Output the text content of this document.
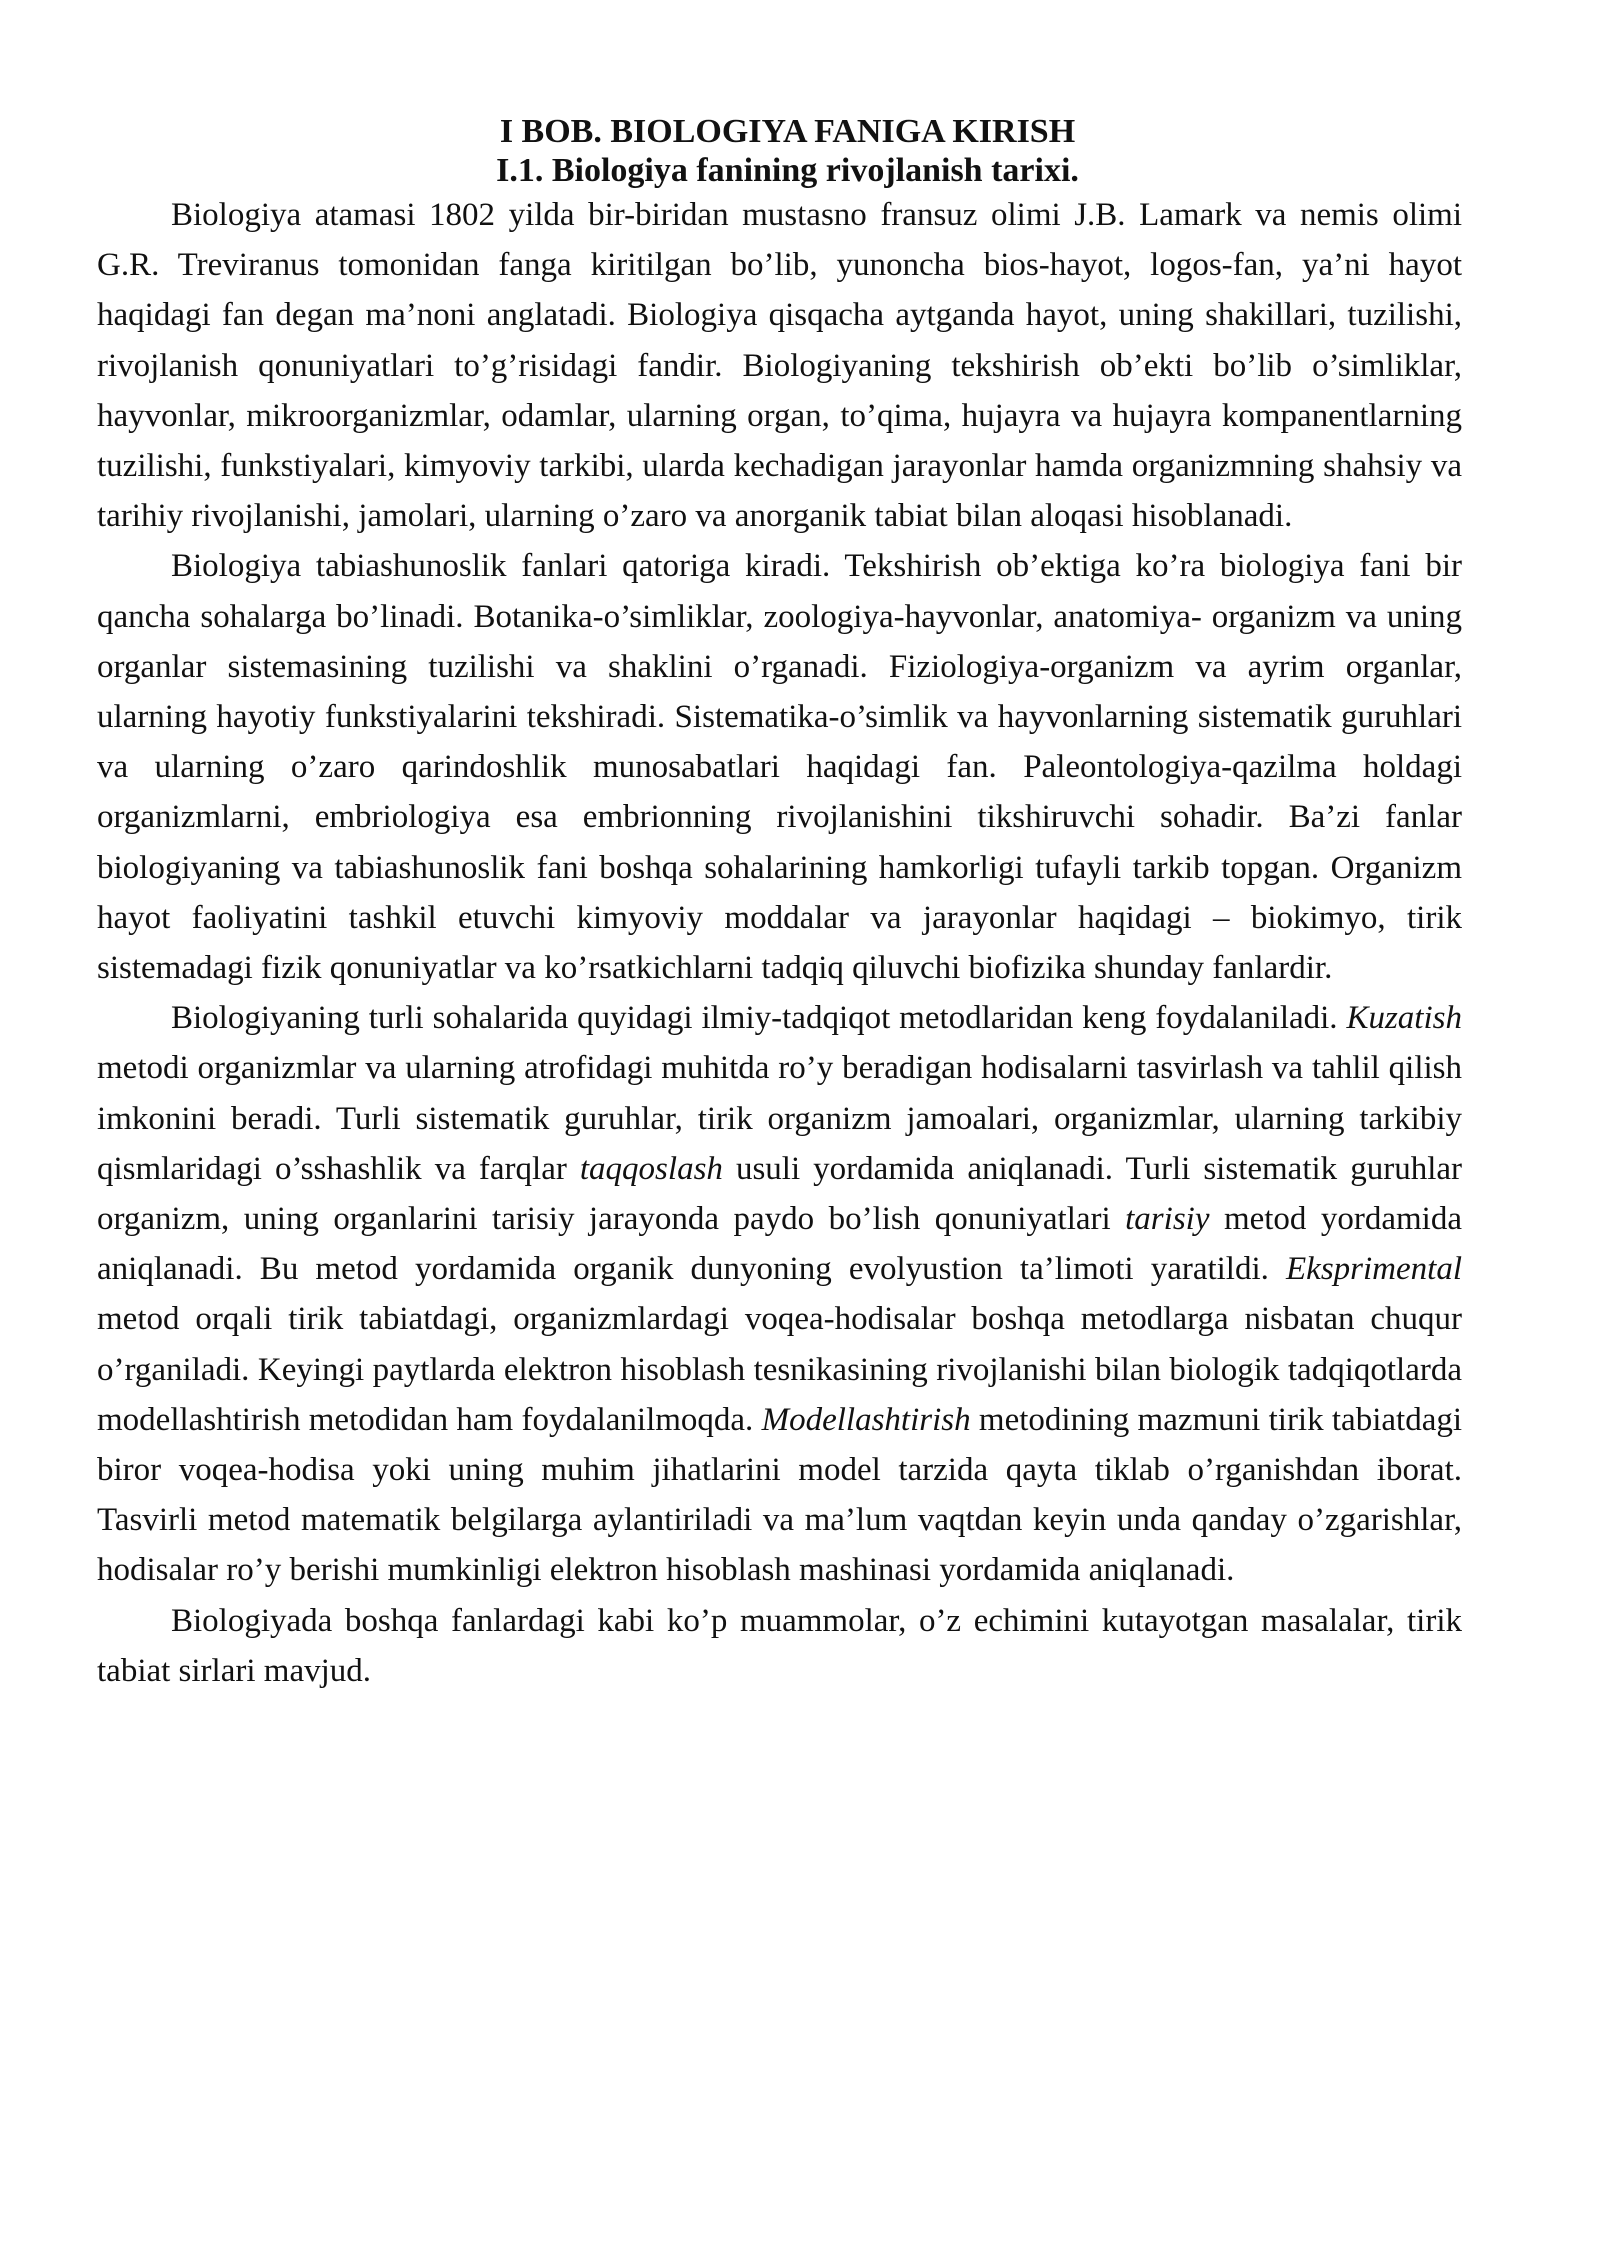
I BOB. BIOLOGIYA FANIGA KIRISH
I.1. Biologiya fanining rivojlanish tarixi.

Biologiya atamasi 1802 yilda bir-biridan mustasno fransuz olimi J.B. Lamark va nemis olimi G.R. Treviranus tomonidan fanga kiritilgan bo’lib, yunoncha bios-hayot, logos-fan, ya’ni hayot haqidagi fan degan ma’noni anglatadi. Biologiya qisqacha aytganda hayot, uning shakillari, tuzilishi, rivojlanish qonuniyatlari to’g’risidagi fandir. Biologiyaning tekshirish ob’ekti bo’lib o’simliklar, hayvonlar, mikroorganizmlar, odamlar, ularning organ, to’qima, hujayra va hujayra kompanentlarning tuzilishi, funkstiyalari, kimyoviy tarkibi, ularda kechadigan jarayonlar hamda organizmning shahsiy va tarihiy rivojlanishi, jamolari, ularning o’zaro va anorganik tabiat bilan aloqasi hisoblanadi.

Biologiya tabiashunoslik fanlari qatoriga kiradi. Tekshirish ob’ektiga ko’ra biologiya fani bir qancha sohalarga bo’linadi. Botanika-o’simliklar, zoologiya-hayvonlar, anatomiya- organizm va uning organlar sistemasining tuzilishi va shaklini o’rganadi. Fiziologiya-organizm va ayrim organlar, ularning hayotiy funkstiyalarini tekshiradi. Sistematika-o’simlik va hayvonlarning sistematik guruhlari va ularning o’zaro qarindoshlik munosabatlari haqidagi fan. Paleontologiya-qazilma holdagi organizmlarni, embriologiya esa embrionning rivojlanishini tikshiruvchi sohadir. Ba’zi fanlar biologiyaning va tabiashunoslik fani boshqa sohalarining hamkorligi tufayli tarkib topgan. Organizm hayot faoliyatini tashkil etuvchi kimyoviy moddalar va jarayonlar haqidagi – biokimyo, tirik sistemadagi fizik qonuniyatlar va ko’rsatkichlarni tadqiq qiluvchi biofizika shunday fanlardir.

Biologiyaning turli sohalarida quyidagi ilmiy-tadqiqot metodlaridan keng foydalaniladi. Kuzatish metodi organizmlar va ularning atrofidagi muhitda ro’y beradigan hodisalarni tasvirlash va tahlil qilish imkonini beradi. Turli sistematik guruhlar, tirik organizm jamoalari, organizmlar, ularning tarkibiy qismlaridagi o’sshashlik va farqlar taqqoslash usuli yordamida aniqlanadi. Turli sistematik guruhlar organizm, uning organlarini tarisiy jarayonda paydo bo’lish qonuniyatlari tarisiy metod yordamida aniqlanadi. Bu metod yordamida organik dunyoning evolyustion ta’limoti yaratildi. Eksprimental metod orqali tirik tabiatdagi, organizmlardagi voqea-hodisalar boshqa metodlarga nisbatan chuqur o’rganiladi. Keyingi paytlarda elektron hisoblash tesnikasining rivojlanishi bilan biologik tadqiqotlarda modellashtirish metodidan ham foydalanilmoqda. Modellashtirish metodining mazmuni tirik tabiatdagi biror voqea-hodisa yoki uning muhim jihatlarini model tarzida qayta tiklab o’rganishdan iborat. Tasvirli metod matematik belgilarga aylantiriladi va ma’lum vaqtdan keyin unda qanday o’zgarishlar, hodisalar ro’y berishi mumkinligi elektron hisoblash mashinasi yordamida aniqlanadi.

Biologiyada boshqa fanlardagi kabi ko’p muammolar, o’z echimini kutayotgan masalalar, tirik tabiat sirlari mavjud.
